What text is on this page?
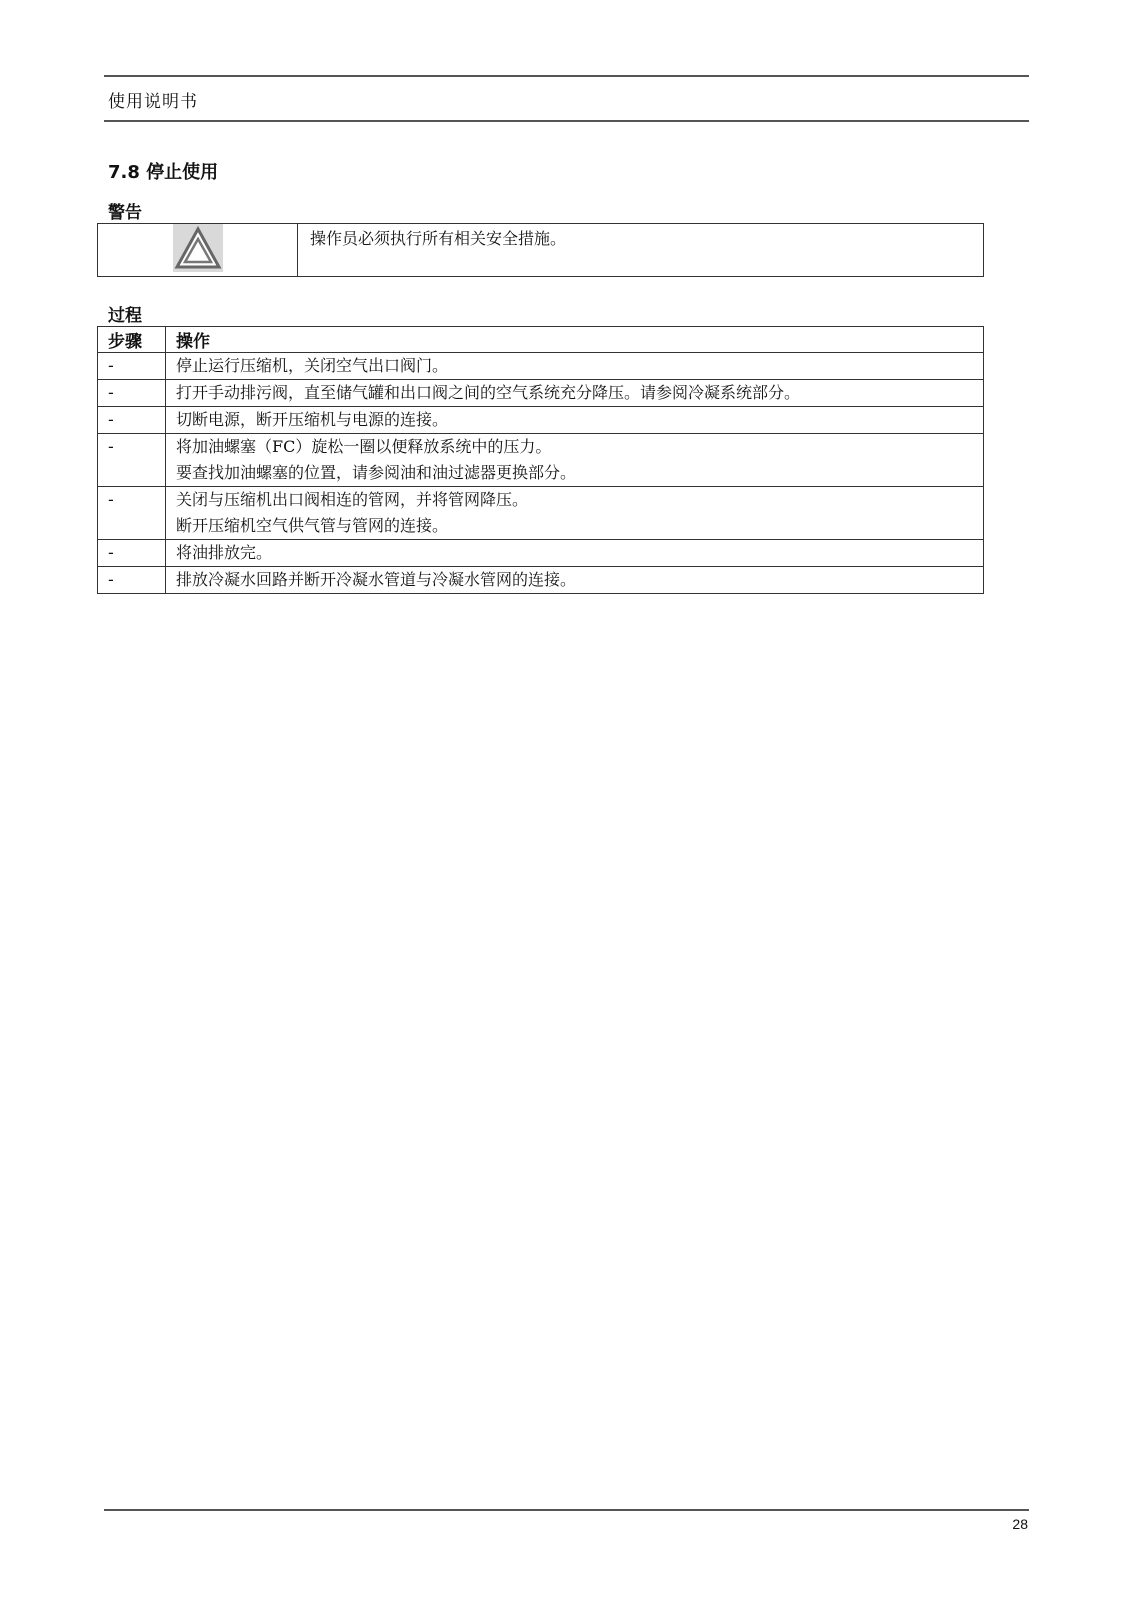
使用说明书
7.8 停止使用
警告
	操作员必须执行所有相关安全措施。
过程
步骤	操作
-	停止运行压缩机，关闭空气出口阀门。

-	打开手动排污阀，直至储气罐和出口阀之间的空气系统充分降压。请参阅冷凝系统部分。

-	切断电源，断开压缩机与电源的连接。

-	将加油螺塞（FC）旋松一圈以便释放系统中的压力。
要查找加油螺塞的位置，请参阅油和油过滤器更换部分。

-	关闭与压缩机出口阀相连的管网，并将管网降压。
断开压缩机空气供气管与管网的连接。

-	将油排放完。

-	排放冷凝水回路并断开冷凝水管道与冷凝水管网的连接。
28
